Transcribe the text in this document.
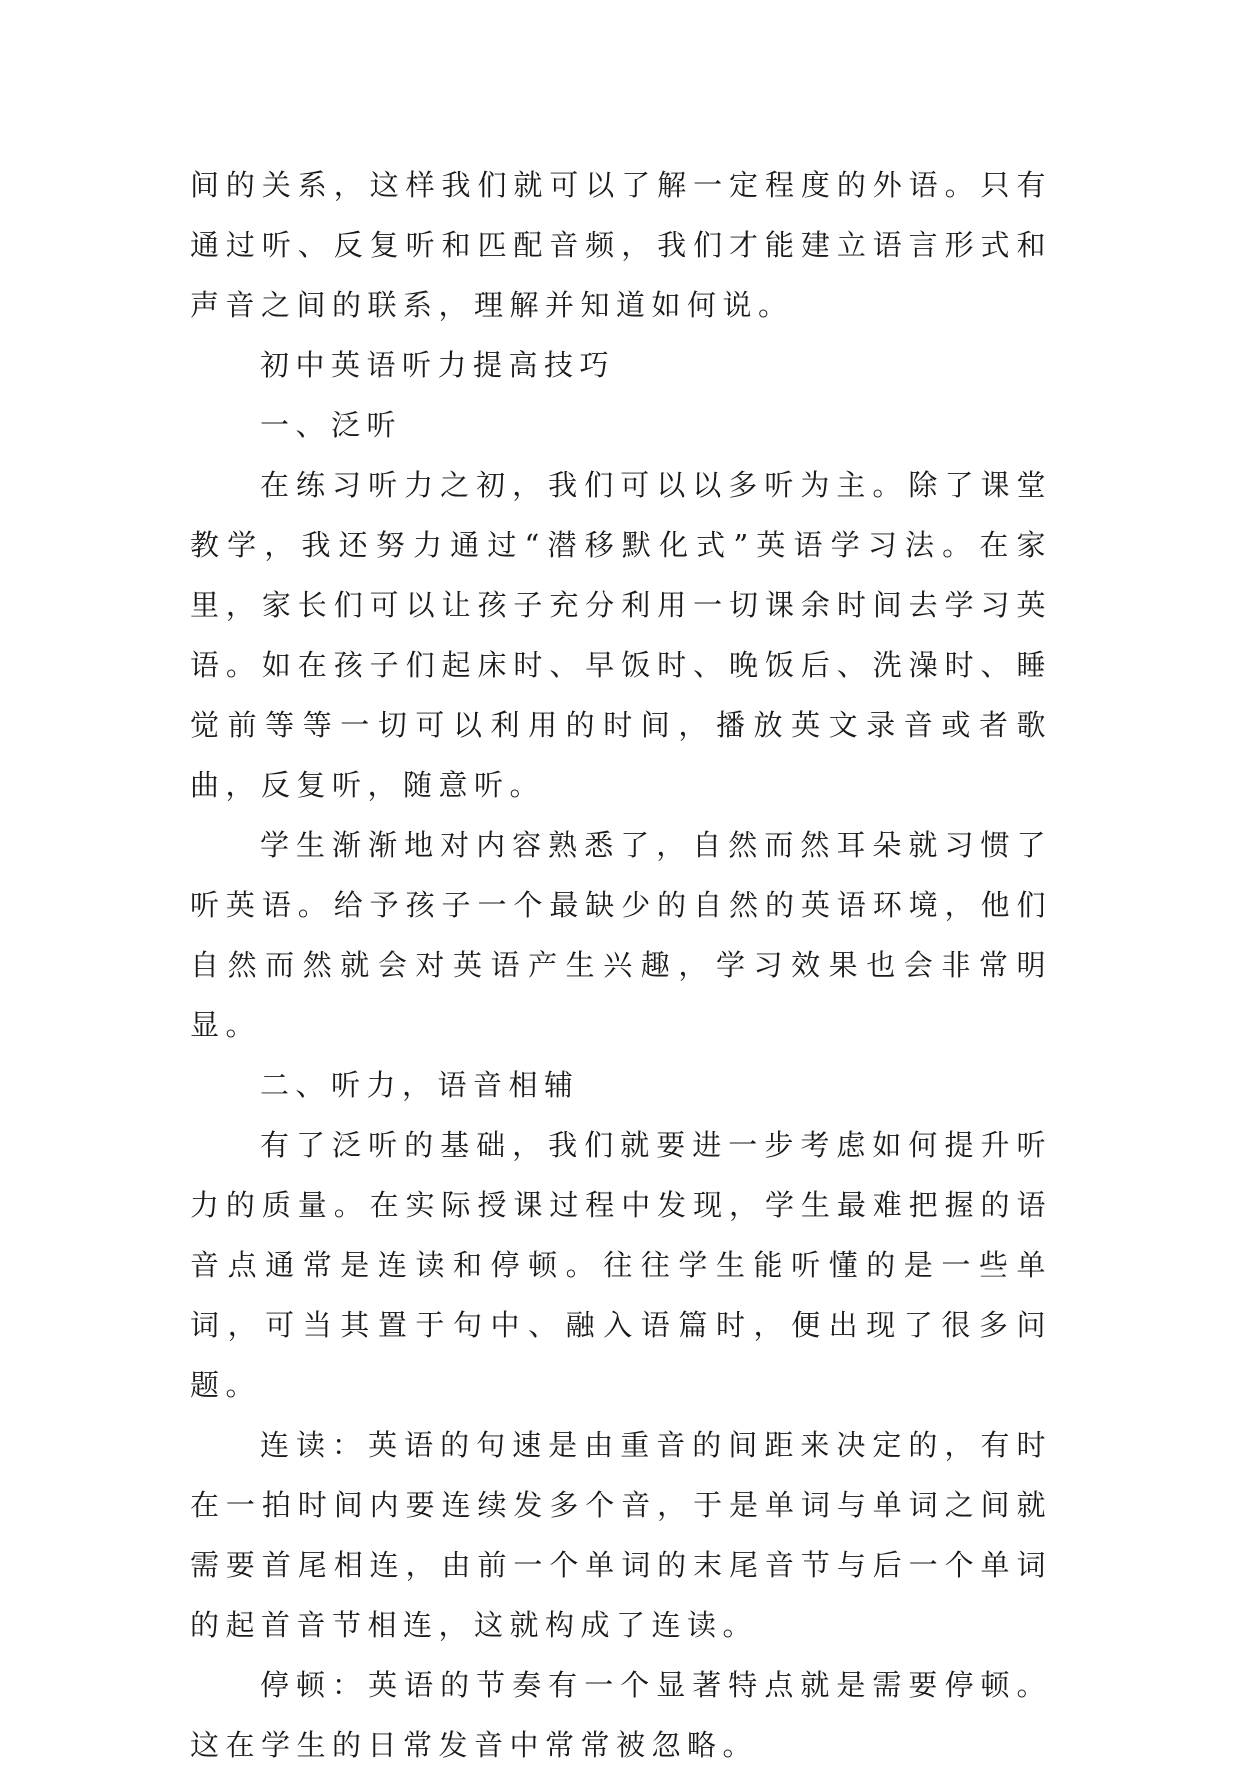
间的关系，这样我们就可以了解一定程度的外语。只有通过听、反复听和匹配音频，我们才能建立语言形式和声音之间的联系，理解并知道如何说。

初中英语听力提高技巧

一、泛听

在练习听力之初，我们可以以多听为主。除了课堂教学，我还努力通过“潜移默化式”英语学习法。在家里，家长们可以让孩子充分利用一切课余时间去学习英语。如在孩子们起床时、早饭时、晚饭后、洗澡时、睡觉前等等一切可以利用的时间，播放英文录音或者歌曲，反复听，随意听。

学生渐渐地对内容熟悉了，自然而然耳朵就习惯了听英语。给予孩子一个最缺少的自然的英语环境，他们自然而然就会对英语产生兴趣，学习效果也会非常明显。

二、听力，语音相辅

有了泛听的基础，我们就要进一步考虑如何提升听力的质量。在实际授课过程中发现，学生最难把握的语音点通常是连读和停顿。往往学生能听懂的是一些单词，可当其置于句中、融入语篇时，便出现了很多问题。

连读：英语的句速是由重音的间距来决定的，有时在一拍时间内要连续发多个音，于是单词与单词之间就需要首尾相连，由前一个单词的末尾音节与后一个单词的起首音节相连，这就构成了连读。

停顿：英语的节奏有一个显著特点就是需要停顿。这在学生的日常发音中常常被忽略。
